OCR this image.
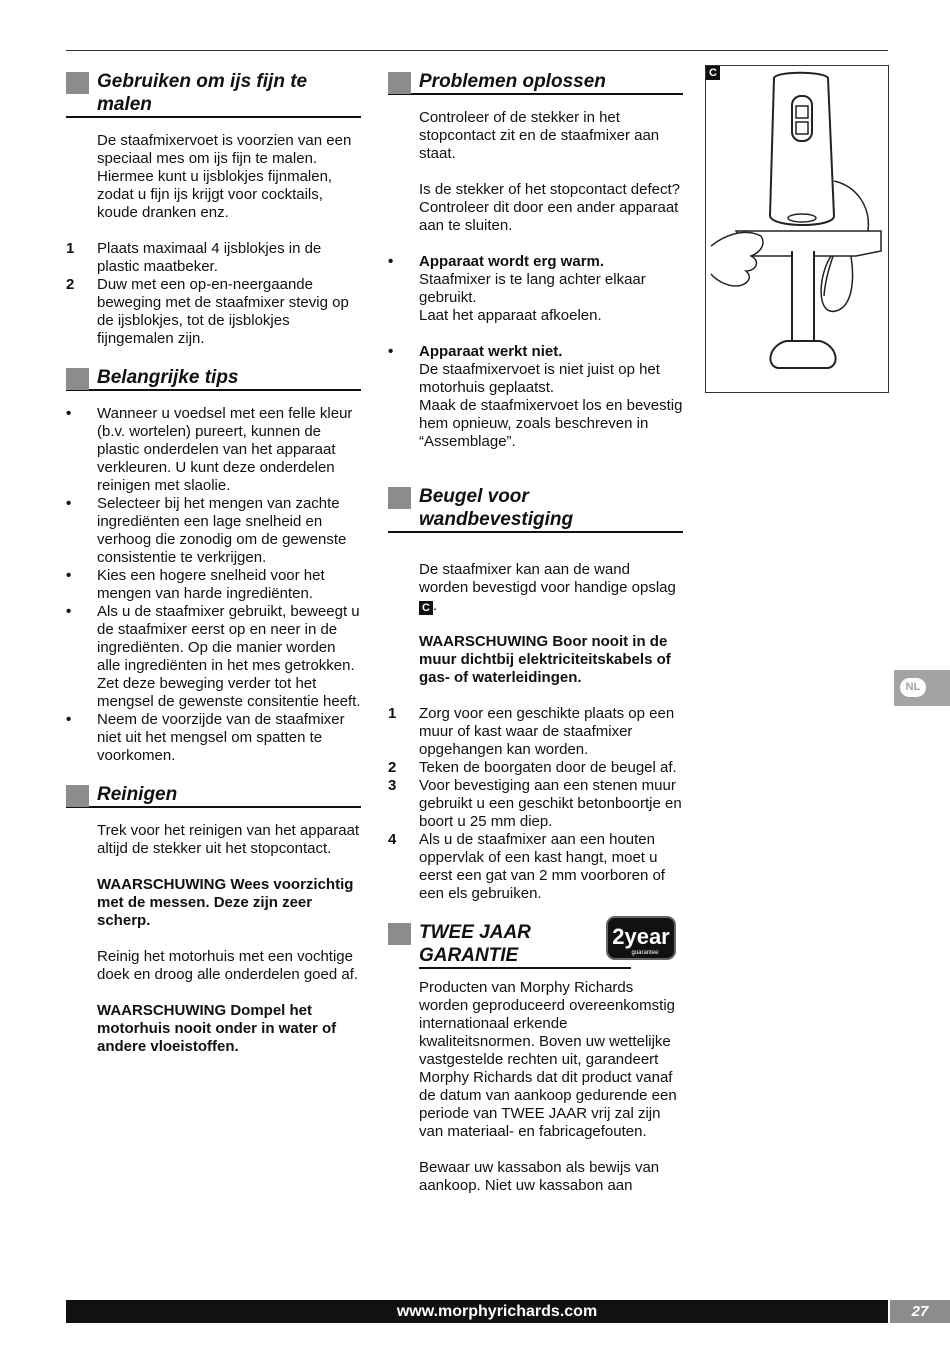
Gebruiken om ijs fijn te malen

De staafmixervoet is voorzien van een speciaal mes om ijs fijn te malen. Hiermee kunt u ijsblokjes fijnmalen, zodat u fijn ijs krijgt voor cocktails, koude dranken enz.

1 Plaats maximaal 4 ijsblokjes in de plastic maatbeker.
2 Duw met een op-en-neergaande beweging met de staafmixer stevig op de ijsblokjes, tot de ijsblokjes fijngemalen zijn.
Belangrijke tips
• Wanneer u voedsel met een felle kleur (b.v. wortelen) pureert, kunnen de plastic onderdelen van het apparaat verkleuren. U kunt deze onderdelen reinigen met slaolie.
• Selecteer bij het mengen van zachte ingrediënten een lage snelheid en verhoog die zonodig om de gewenste consistentie te verkrijgen.
• Kies een hogere snelheid voor het mengen van harde ingrediënten.
• Als u de staafmixer gebruikt, beweegt u de staafmixer eerst op en neer in de ingrediënten. Op die manier worden alle ingrediënten in het mes getrokken. Zet deze beweging verder tot het mengsel de gewenste consitentie heeft.
• Neem de voorzijde van de staafmixer niet uit het mengsel om spatten te voorkomen.
Reinigen

Trek voor het reinigen van het apparaat altijd de stekker uit het stopcontact.

WAARSCHUWING Wees voorzichtig met de messen. Deze zijn zeer scherp.

Reinig het motorhuis met een vochtige doek en droog alle onderdelen goed af.

WAARSCHUWING Dompel het motorhuis nooit onder in water of andere vloeistoffen.

Problemen oplossen

Controleer of de stekker in het stopcontact zit en de staafmixer aan staat.

Is de stekker of het stopcontact defect? Controleer dit door een ander apparaat aan te sluiten.

• Apparaat wordt erg warm.
Staafmixer is te lang achter elkaar gebruikt.
Laat het apparaat afkoelen.
• Apparaat werkt niet.
De staafmixervoet is niet juist op het motorhuis geplaatst.
Maak de staafmixervoet los en bevestig hem opnieuw, zoals beschreven in “Assemblage”.
Beugel voor wandbevestiging

De staafmixer kan aan de wand worden bevestigd voor handige opslag C .

WAARSCHUWING Boor nooit in de muur dichtbij elektriciteitskabels of gas- of waterleidingen.

1 Zorg voor een geschikte plaats op een muur of kast waar de staafmixer opgehangen kan worden.
2 Teken de boorgaten door de beugel af.
3 Voor bevestiging aan een stenen muur gebruikt u een geschikt betonboortje en boort u 25 mm diep.
4 Als u de staafmixer aan een houten oppervlak of een kast hangt, moet u eerst een gat van 2 mm voorboren of een els gebruiken.
TWEE JAAR GARANTIE
2year
guarantee

Producten van Morphy Richards worden geproduceerd overeenkomstig internationaal erkende kwaliteitsnormen. Boven uw wettelijke vastgestelde rechten uit, garandeert Morphy Richards dat dit product vanaf de datum van aankoop gedurende een periode van TWEE JAAR vrij zal zijn van materiaal- en fabricagefouten.

Bewaar uw kassabon als bewijs van aankoop. Niet uw kassabon aan

C
NL
www.morphyrichards.com	27
